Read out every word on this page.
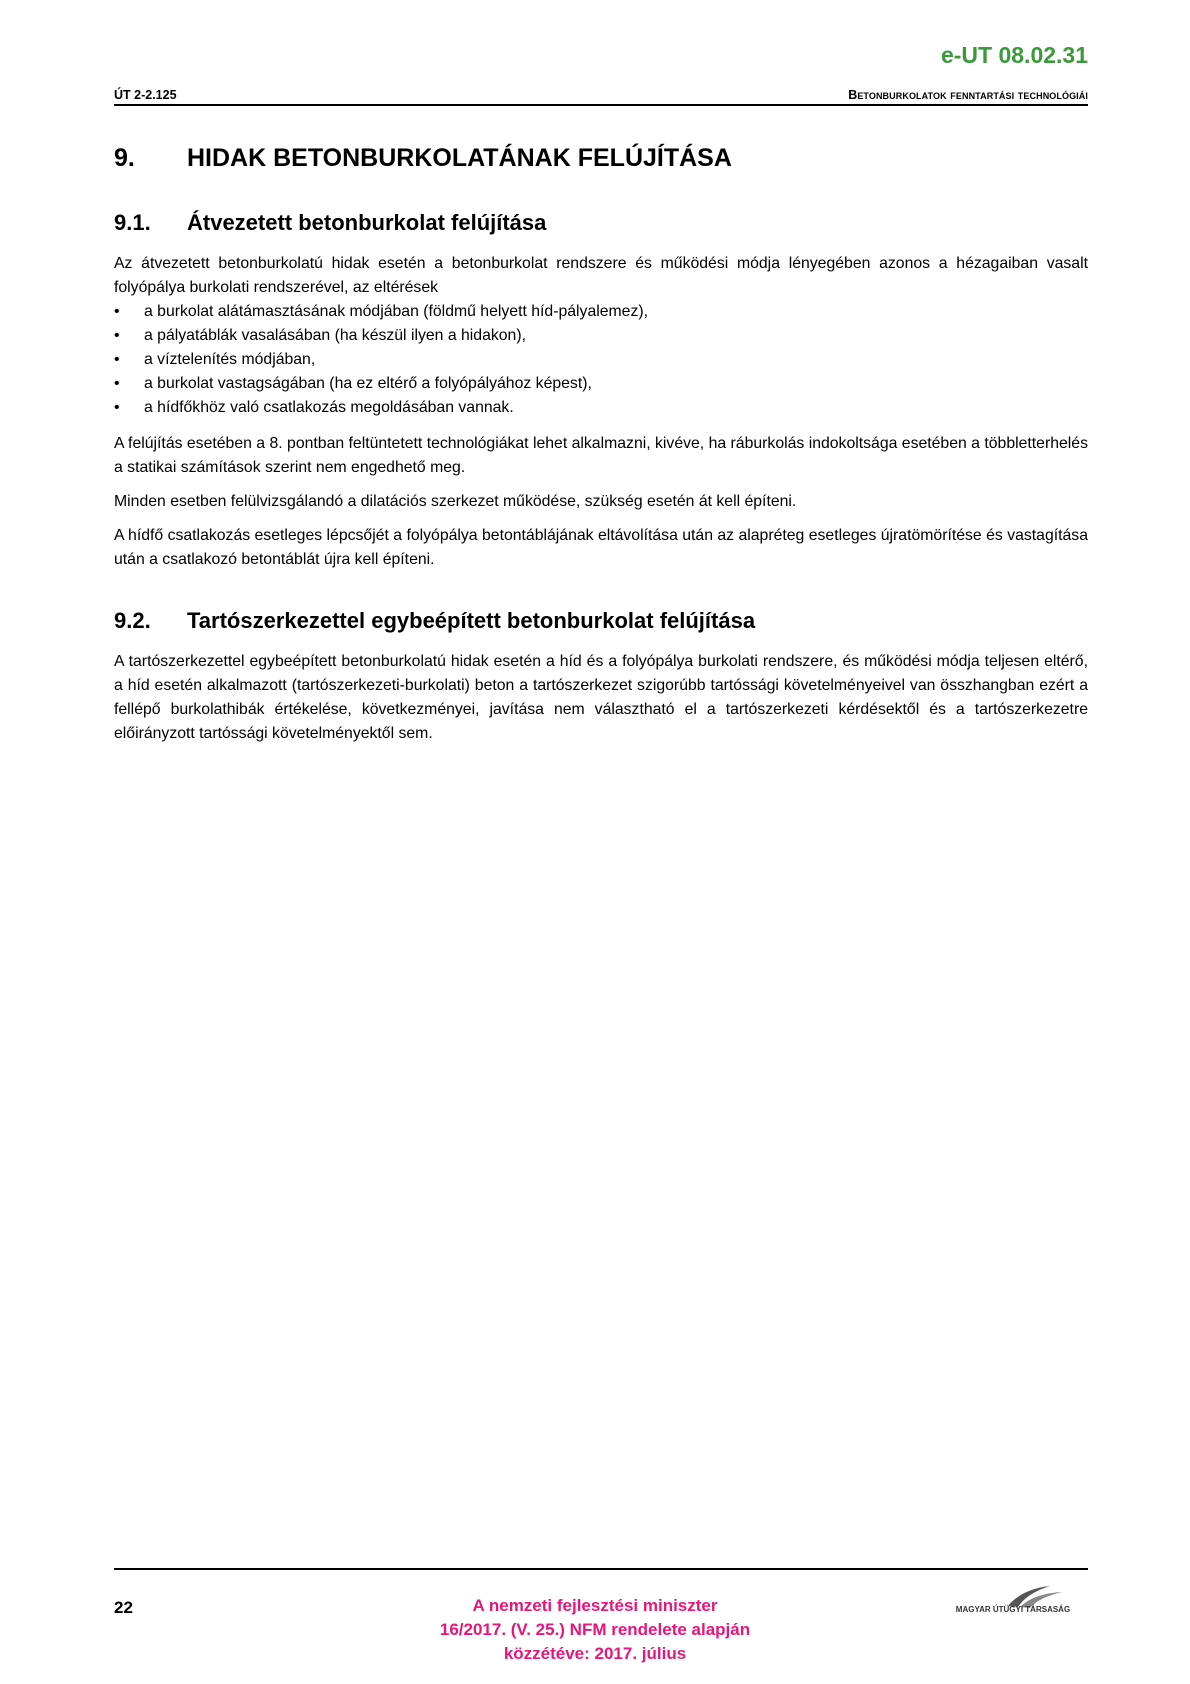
e-UT 08.02.31
ÚT 2-2.125	Betonburkolatok fenntartási technológiái
9. HIDAK BETONBURKOLATÁNAK FELÚJÍTÁSA
9.1. Átvezetett betonburkolat felújítása

Az átvezetett betonburkolatú hidak esetén a betonburkolat rendszere és működési módja lényegében azonos a hézagaiban vasalt folyópálya burkolati rendszerével, az eltérések

• a burkolat alátámasztásának módjában (földmű helyett híd-pályalemez),
• a pályatáblák vasalásában (ha készül ilyen a hidakon),
• a víztelenítés módjában,
• a burkolat vastagságában (ha ez eltérő a folyópályához képest),
• a hídfőkhöz való csatlakozás megoldásában vannak.
A felújítás esetében a 8. pontban feltüntetett technológiákat lehet alkalmazni, kivéve, ha ráburkolás indokoltsága esetében a többletterhelés a statikai számítások szerint nem engedhető meg.
Minden esetben felülvizsgálandó a dilatációs szerkezet működése, szükség esetén át kell építeni.
A hídfő csatlakozás esetleges lépcsőjét a folyópálya betontáblájának eltávolítása után az alapréteg esetleges újratömörítése és vastagítása után a csatlakozó betontáblát újra kell építeni.
9.2. Tartószerkezettel egybeépített betonburkolat felújítása
A tartószerkezettel egybeépített betonburkolatú hidak esetén a híd és a folyópálya burkolati rendszere, és működési módja teljesen eltérő, a híd esetén alkalmazott (tartószerkezeti-burkolati) beton a tartószerkezet szigorúbb tartóssági követelményeivel van összhangban ezért a fellépő burkolathibák értékelése, következményei, javítása nem választható el a tartószerkezeti kérdésektől és a tartószerkezetre előirányzott tartóssági követelményektől sem.
22	A nemzeti fejlesztési miniszter
16/2017. (V. 25.) NFM rendelete alapján
közzétéve: 2017. július
MAGYAR ÚTÜGYI TÁRSASÁG
